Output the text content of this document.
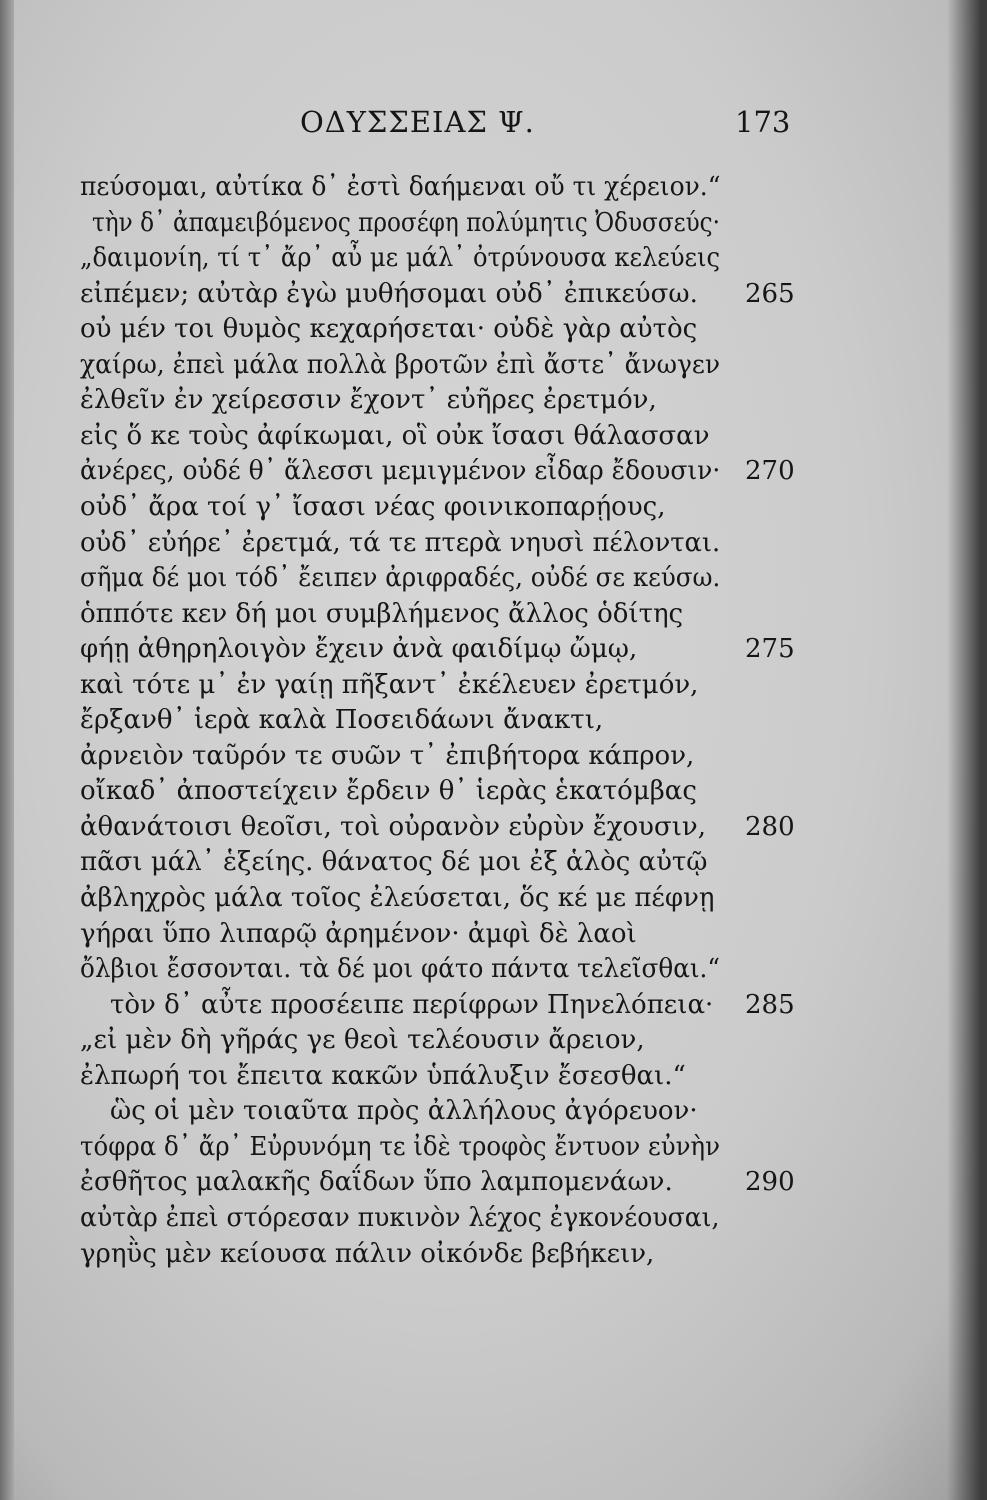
ΟΔΥΣΣΕΙΑΣ Ψ.	173
πεύσομαι, αὐτίκα δ᾽ ἐστὶ δαήμεναι οὔ τι χέρειον.“
τὴν δ᾽ ἀπαμειβόμενος προσέφη πολύμητις Ὀδυσσεύς·
„δαιμονίη, τί τ᾽ ἄρ᾽ αὖ με μάλ᾽ ὀτρύνουσα κελεύεις
εἰπέμεν; αὐτὰρ ἐγὼ μυθήσομαι οὐδ᾽ ἐπικεύσω. 265
οὐ μέν τοι θυμὸς κεχαρήσεται· οὐδὲ γὰρ αὐτὸς
χαίρω, ἐπεὶ μάλα πολλὰ βροτῶν ἐπὶ ἄστε᾽ ἄνωγεν
ἐλθεῖν ἐν χείρεσσιν ἔχοντ᾽ εὐῆρες ἐρετμόν,
εἰς ὅ κε τοὺς ἀφίκωμαι, οἳ οὐκ ἴσασι θάλασσαν
ἀνέρες, οὐδέ θ᾽ ἅλεσσι μεμιγμένον εἶδαρ ἔδουσιν· 270
οὐδ᾽ ἄρα τοί γ᾽ ἴσασι νέας φοινικοπαρῄους,
οὐδ᾽ εὐήρε᾽ ἐρετμά, τά τε πτερὰ νηυσὶ πέλονται.
σῆμα δέ μοι τόδ᾽ ἔειπεν ἀριφραδές, οὐδέ σε κεύσω.
ὁππότε κεν δή μοι συμβλήμενος ἄλλος ὁδίτης
φήῃ ἀθηρηλοιγὸν ἔχειν ἀνὰ φαιδίμῳ ὤμῳ,	275
καὶ τότε μ᾽ ἐν γαίῃ πῆξαντ᾽ ἐκέλευεν ἐρετμόν,
ἔρξανθ᾽ ἱερὰ καλὰ Ποσειδάωνι ἄνακτι,
ἀρνειὸν ταῦρόν τε συῶν τ᾽ ἐπιβήτορα κάπρον,
οἴκαδ᾽ ἀποστείχειν ἔρδειν θ᾽ ἱερὰς ἑκατόμβας
ἀθανάτοισι θεοῖσι, τοὶ οὐρανὸν εὐρὺν ἔχουσιν, 280
πᾶσι μάλ᾽ ἑξείης. θάνατος δέ μοι ἐξ ἁλὸς αὐτῷ
ἀβληχρὸς μάλα τοῖος ἐλεύσεται, ὅς κέ με πέφνῃ
γήραι ὕπο λιπαρῷ ἀρημένον· ἀμφὶ δὲ λαοὶ
ὄλβιοι ἔσσονται. τὰ δέ μοι φάτο πάντα τελεῖσθαι.“
τὸν δ᾽ αὖτε προσέειπε περίφρων Πηνελόπεια· 285
„εἰ μὲν δὴ γῆράς γε θεοὶ τελέουσιν ἄρειον,
ἐλπωρή τοι ἔπειτα κακῶν ὑπάλυξιν ἔσεσθαι.“
ὣς οἱ μὲν τοιαῦτα πρὸς ἀλλήλους ἀγόρευον·
τόφρα δ᾽ ἄρ᾽ Εὐρυνόμη τε ἰδὲ τροφὸς ἔντυον εὐνὴν
ἐσθῆτος μαλακῆς δαΐδων ὕπο λαμπομενάων.	290
αὐτὰρ ἐπεὶ στόρεσαν πυκινὸν λέχος ἐγκονέουσαι,
γρηῢς μὲν κείουσα πάλιν οἰκόνδε βεβήκειν,
